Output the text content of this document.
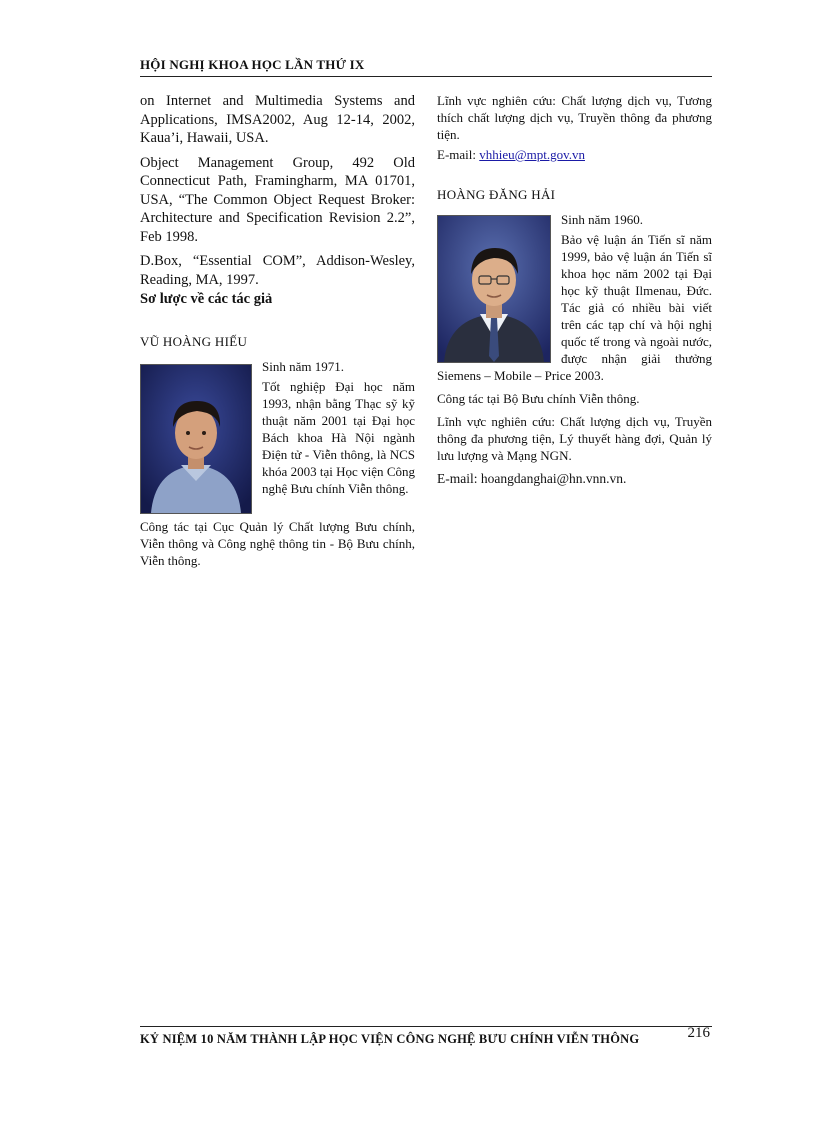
HỘI NGHỊ KHOA HỌC LẦN THỨ IX

on Internet and Multimedia Systems and Applications, IMSA2002, Aug 12-14, 2002, Kaua’i, Hawaii, USA.

Object Management Group, 492 Old Connecticut Path, Framingharm, MA 01701, USA, “The Common Object Request Broker: Architecture and Specification Revision 2.2”, Feb 1998.

D.Box, “Essential COM”, Addison-Wesley, Reading, MA, 1997.

Sơ lược về các tác giả

VŨ HOÀNG HIẾU

Sinh năm 1971.

Tốt nghiệp Đại học năm 1993, nhận bằng Thạc sỹ kỹ thuật năm 2001 tại Đại học Bách khoa Hà Nội ngành Điện tử - Viễn thông, là NCS khóa 2003 tại Học viện Công nghệ Bưu chính Viễn thông.

Công tác tại Cục Quản lý Chất lượng Bưu chính, Viễn thông và Công nghệ thông tin - Bộ Bưu chính, Viễn thông.

Lĩnh vực nghiên cứu: Chất lượng dịch vụ, Tương thích chất lượng dịch vụ, Truyền thông đa phương tiện.

E-mail: vhhieu@mpt.gov.vn

HOÀNG ĐĂNG HẢI

Sinh năm 1960.

Bảo vệ luận án Tiến sĩ năm 1999, bảo vệ luận án Tiến sĩ khoa học năm 2002 tại Đại học kỹ thuật Ilmenau, Đức. Tác giả có nhiều bài viết trên các tạp chí và hội nghị quốc tế trong và ngoài nước, được nhận giải thưởng Siemens – Mobile – Price 2003.

Công tác tại Bộ Bưu chính Viễn thông.

Lĩnh vực nghiên cứu: Chất lượng dịch vụ, Truyền thông đa phương tiện, Lý thuyết hàng đợi, Quản lý lưu lượng và Mạng NGN.

E-mail: hoangdanghai@hn.vnn.vn.

KỶ NIỆM 10 NĂM THÀNH LẬP HỌC VIỆN CÔNG NGHỆ BƯU CHÍNH VIỄN THÔNG	216
